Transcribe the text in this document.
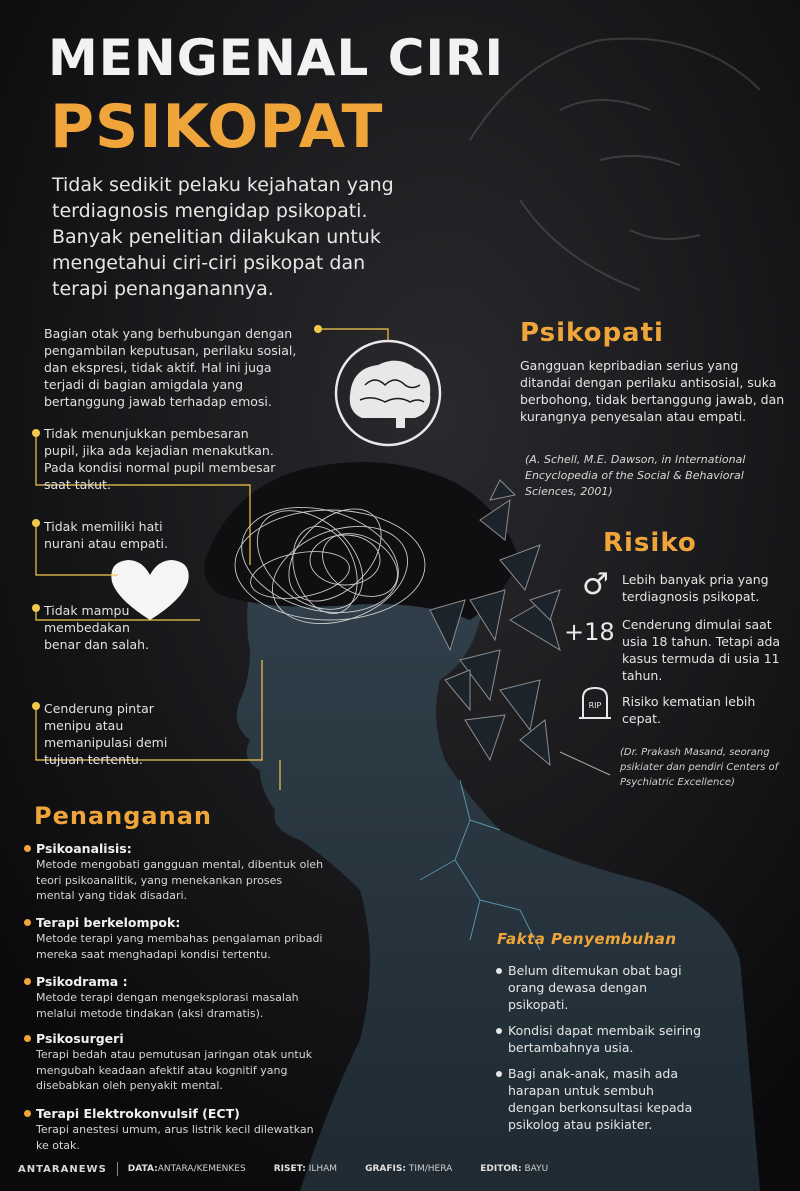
MENGENAL CIRI
PSIKOPAT
Tidak sedikit pelaku kejahatan yang terdiagnosis mengidap psikopati. Banyak penelitian dilakukan untuk mengetahui ciri-ciri psikopat dan terapi penanganannya.
Bagian otak yang berhubungan dengan pengambilan keputusan, perilaku sosial, dan ekspresi, tidak aktif. Hal ini juga terjadi di bagian amigdala yang bertanggung jawab terhadap emosi.
Tidak menunjukkan pembesaran pupil, jika ada kejadian menakutkan. Pada kondisi normal pupil membesar saat takut.
Tidak memiliki hati nurani atau empati.
Tidak mampu membedakan benar dan salah.
Cenderung pintar menipu atau memanipulasi demi tujuan tertentu.
Psikopati
Gangguan kepribadian serius yang ditandai dengan perilaku antisosial, suka berbohong, tidak bertanggung jawab, dan kurangnya penyesalan atau empati.
(A. Schell, M.E. Dawson, in International Encyclopedia of the Social & Behavioral Sciences, 2001)
Risiko
♂ Lebih banyak pria yang terdiagnosis psikopat.
+18 Cenderung dimulai saat usia 18 tahun. Tetapi ada kasus termuda di usia 11 tahun.
RIP Risiko kematian lebih cepat.
(Dr. Prakash Masand, seorang psikiater dan pendiri Centers of Psychiatric Excellence)
Penanganan
Psikoanalisis:
Metode mengobati gangguan mental, dibentuk oleh teori psikoanalitik, yang menekankan proses mental yang tidak disadari.
Terapi berkelompok:
Metode terapi yang membahas pengalaman pribadi mereka saat menghadapi kondisi tertentu.
Psikodrama :
Metode terapi dengan mengeksplorasi masalah melalui metode tindakan (aksi dramatis).
Psikosurgeri
Terapi bedah atau pemutusan jaringan otak untuk mengubah keadaan afektif atau kognitif yang disebabkan oleh penyakit mental.
Terapi Elektrokonvulsif (ECT)
Terapi anestesi umum, arus listrik kecil dilewatkan ke otak.
Fakta Penyembuhan
Belum ditemukan obat bagi orang dewasa dengan psikopati.
Kondisi dapat membaik seiring bertambahnya usia.
Bagi anak-anak, masih ada harapan untuk sembuh dengan berkonsultasi kepada psikolog atau psikiater.
ANTARANEWS DATA:ANTARA/KEMENKES	RISET: ILHAM	GRAFIS: TIM/HERA	EDITOR: BAYU
